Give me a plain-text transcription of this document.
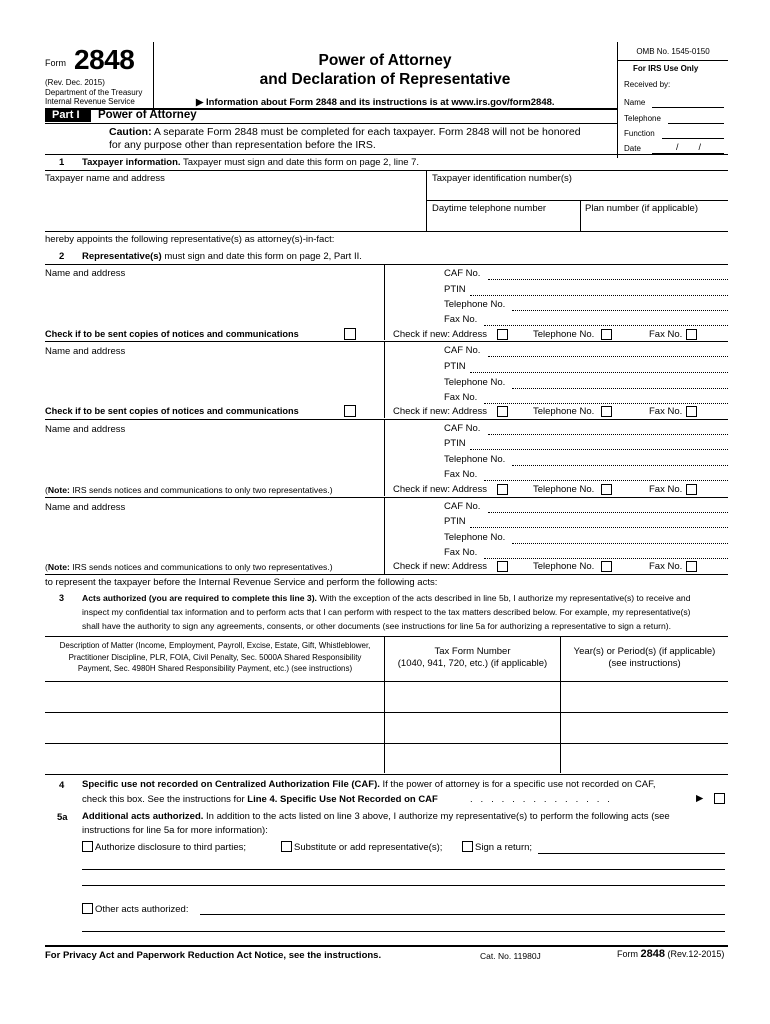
Form 2848
(Rev. Dec. 2015)
Department of the Treasury
Internal Revenue Service
Power of Attorney
and Declaration of Representative
▶ Information about Form 2848 and its instructions is at www.irs.gov/form2848.
OMB No. 1545-0150
For IRS Use Only
Received by:
Name
Telephone
Function
Date	/        /
Part I	Power of Attorney
Caution: A separate Form 2848 must be completed for each taxpayer. Form 2848 will not be honored
for any purpose other than representation before the IRS.
1 Taxpayer information. Taxpayer must sign and date this form on page 2, line 7.
Taxpayer name and address	Taxpayer identification number(s)
Daytime telephone number	Plan number (if applicable)
hereby appoints the following representative(s) as attorney(s)-in-fact:
2 Representative(s) must sign and date this form on page 2, Part II.
Name and address	CAF No.
PTIN
Telephone No.
Fax No.
Check if to be sent copies of notices and communications	Check if new: Address	Telephone No.	Fax No.
Name and address	CAF No.
PTIN
Telephone No.
Fax No.
Check if to be sent copies of notices and communications	Check if new: Address	Telephone No.	Fax No.
Name and address	CAF No.
PTIN
Telephone No.
Fax No.
(Note: IRS sends notices and communications to only two representatives.)	Check if new: Address	Telephone No.	Fax No.
Name and address	CAF No.
PTIN
Telephone No.
Fax No.
(Note: IRS sends notices and communications to only two representatives.)	Check if new: Address	Telephone No.	Fax No.
to represent the taxpayer before the Internal Revenue Service and perform the following acts:
3 Acts authorized (you are required to complete this line 3). With the exception of the acts described in line 5b, I authorize my representative(s) to receive and
inspect my confidential tax information and to perform acts that I can perform with respect to the tax matters described below. For example, my representative(s)
shall have the authority to sign any agreements, consents, or other documents (see instructions for line 5a for authorizing a representative to sign a return).
Description of Matter (Income, Employment, Payroll, Excise, Estate, Gift, Whistleblower,
Practitioner Discipline, PLR, FOIA, Civil Penalty, Sec. 5000A Shared Responsibility
Payment, Sec. 4980H Shared Responsibility Payment, etc.) (see instructions)
Tax Form Number
(1040, 941, 720, etc.) (if applicable)
Year(s) or Period(s) (if applicable)
(see instructions)
4 Specific use not recorded on Centralized Authorization File (CAF). If the power of attorney is for a specific use not recorded on CAF,
check this box. See the instructions for Line 4. Specific Use Not Recorded on CAF	.   .   .   .   .   .   .   .   .   .   .   .   .   .	▶
5a Additional acts authorized. In addition to the acts listed on line 3 above, I authorize my representative(s) to perform the following acts (see
instructions for line 5a for more information):
Authorize disclosure to third parties;	Substitute or add representative(s);	Sign a return;
Other acts authorized:
For Privacy Act and Paperwork Reduction Act Notice, see the instructions.	Cat. No. 11980J	Form 2848 (Rev.12-2015)
